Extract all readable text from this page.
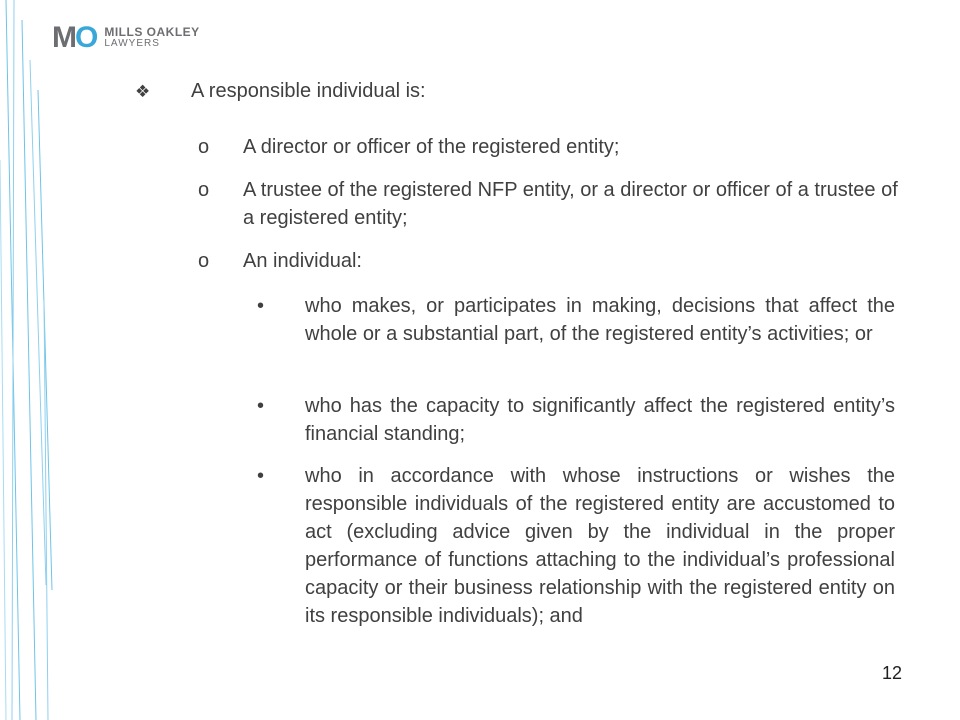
M O MILLS OAKLEY
LAWYERS
❖	A responsible individual is:
o	A director or officer of the registered entity;
o	A trustee of the registered NFP entity, or a director or officer of a trustee of a registered entity;
o	An individual:
•	who makes, or participates in making, decisions that affect the whole or a substantial part, of the registered entity’s activities; or
•	who has the capacity to significantly affect the registered entity’s financial standing;
•	who in accordance with whose instructions or wishes the responsible individuals of the registered entity are accustomed to act (excluding advice given by the individual in the proper performance of functions attaching to the individual’s professional capacity or their business relationship with the registered entity on its responsible individuals); and
12
